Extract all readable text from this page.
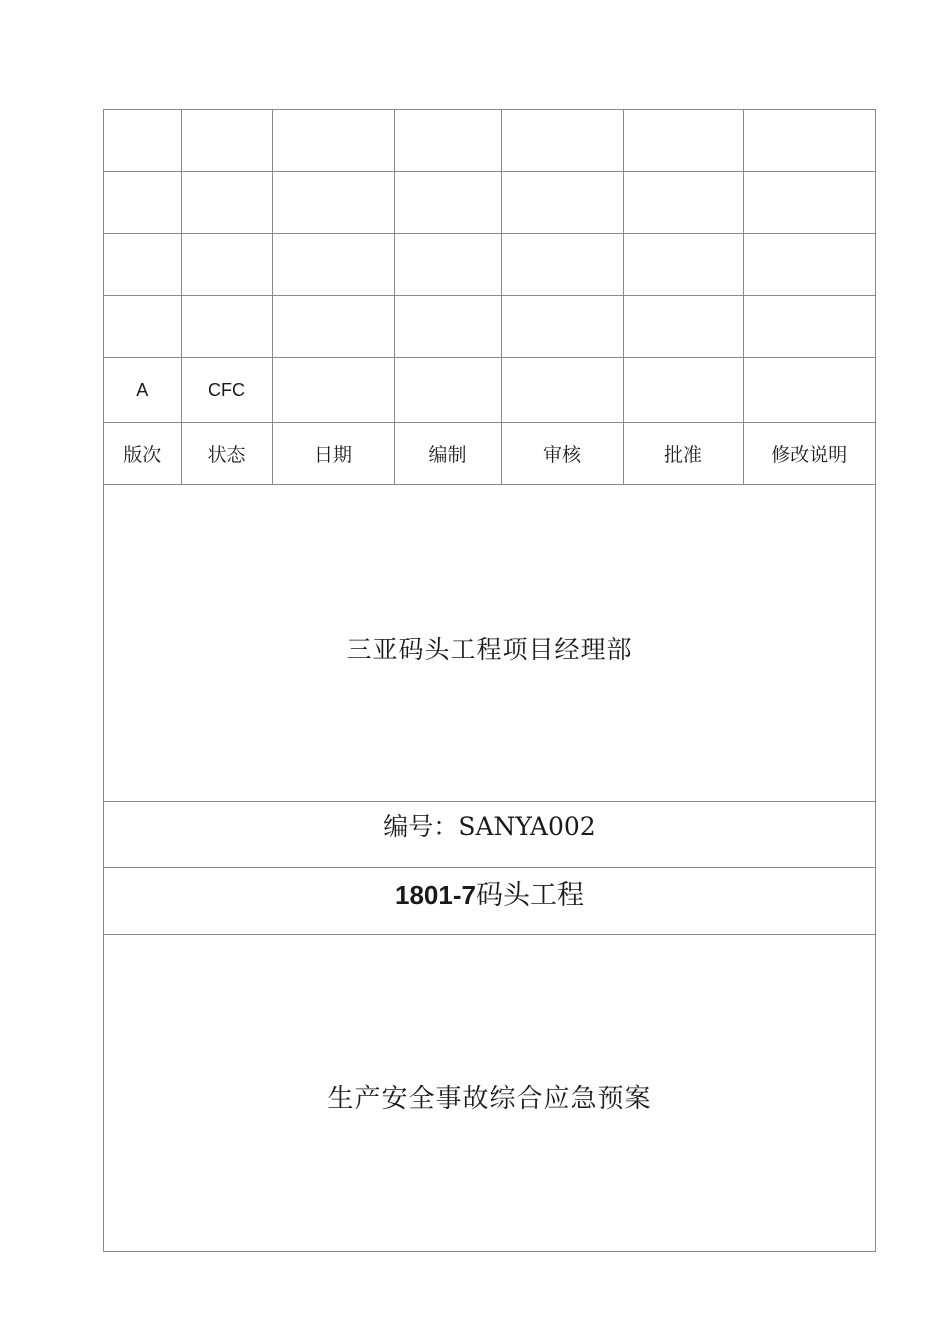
A	CFC					
版次	状态	日期	编制	审核	批准	修改说明
三亚码头工程项目经理部
编号：SANYA002
1801-7码头工程
生产安全事故综合应急预案
